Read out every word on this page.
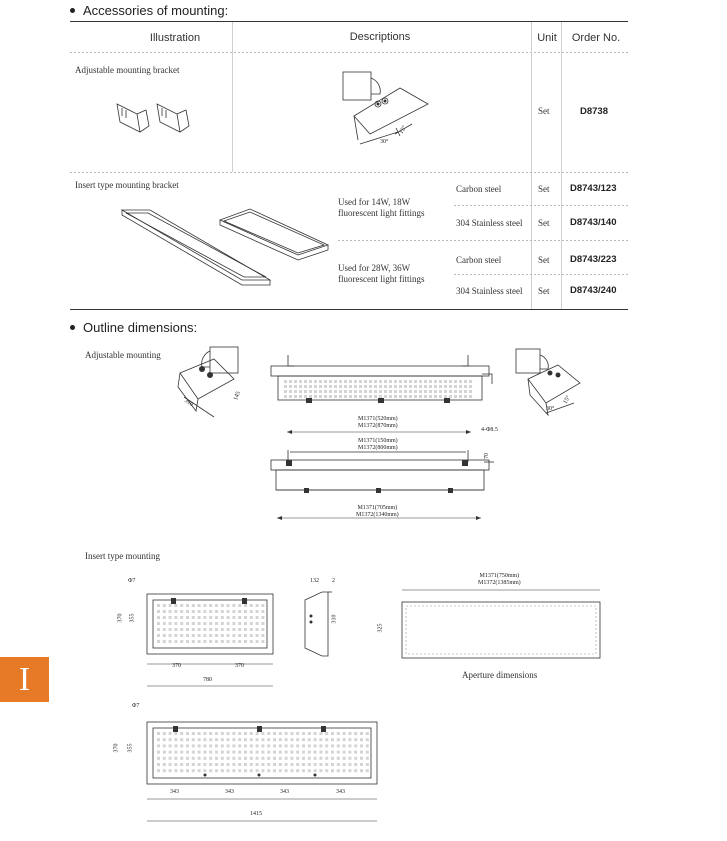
Accessories of mounting:
Illustration	Descriptions	Unit	Order No.
Adjustable mounting bracket
30°
15°
Set	D8738
Insert type mounting bracket
Used for 14W, 18W
fluorescent light fittings
Carbon steel	Set D8743/123
304 Stainless steel Set D8743/140
Used for 28W, 36W
fluorescent light fittings
Carbon steel	Set D8743/223
304 Stainless steel Set D8743/240
Outline dimensions:
Adjustable mounting
310
145
30°
15°
M1371(520mm)
M1372(870mm)
M1371(150mm)
M1372(800mm)
4-Φ8.5
70
M1371(705mm)
M1372(1340mm)
Insert type mounting
Φ7
370 355
370	370
780
132 2
310
M1371(750mm)
M1372(1385mm)
325
Aperture dimensions
Φ7
370 355
343	343	343	343
1415
I
